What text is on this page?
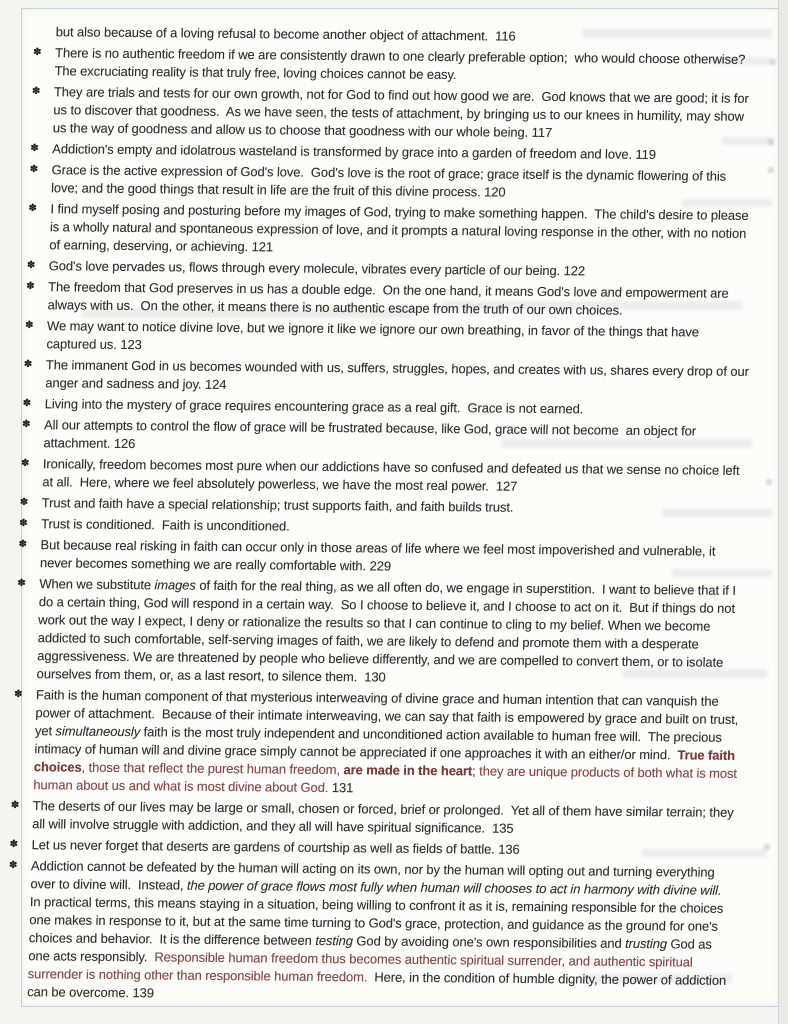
but also because of a loving refusal to become another object of attachment.  116
✽	There is no authentic freedom if we are consistently drawn to one clearly preferable option;  who would choose otherwise?  The excruciating reality is that truly free, loving choices cannot be easy.
✽	They are trials and tests for our own growth, not for God to find out how good we are.  God knows that we are good; it is for us to discover that goodness.  As we have seen, the tests of attachment, by bringing us to our knees in humility, may show us the way of goodness and allow us to choose that goodness with our whole being. 117
✽	Addiction's empty and idolatrous wasteland is transformed by grace into a garden of freedom and love. 119
✽	Grace is the active expression of God's love.  God's love is the root of grace; grace itself is the dynamic flowering of this love; and the good things that result in life are the fruit of this divine process. 120
✽	I find myself posing and posturing before my images of God, trying to make something happen.  The child's desire to please is a wholly natural and spontaneous expression of love, and it prompts a natural loving response in the other, with no notion of earning, deserving, or achieving. 121
✽	God's love pervades us, flows through every molecule, vibrates every particle of our being. 122
✽	The freedom that God preserves in us has a double edge.  On the one hand, it means God's love and empowerment are always with us.  On the other, it means there is no authentic escape from the truth of our own choices.
✽	We may want to notice divine love, but we ignore it like we ignore our own breathing, in favor of the things that have captured us. 123
✽	The immanent God in us becomes wounded with us, suffers, struggles, hopes, and creates with us, shares every drop of our anger and sadness and joy. 124
✽	Living into the mystery of grace requires encountering grace as a real gift.  Grace is not earned.
✽	All our attempts to control the flow of grace will be frustrated because, like God, grace will not become  an object for attachment. 126
✽	Ironically, freedom becomes most pure when our addictions have so confused and defeated us that we sense no choice left at all.  Here, where we feel absolutely powerless, we have the most real power.  127
✽	Trust and faith have a special relationship; trust supports faith, and faith builds trust.
✽	Trust is conditioned.  Faith is unconditioned.
✽	But because real risking in faith can occur only in those areas of life where we feel most impoverished and vulnerable, it never becomes something we are really comfortable with. 229
✽	When we substitute images of faith for the real thing, as we all often do, we engage in superstition.  I want to believe that if I do a certain thing, God will respond in a certain way.  So I choose to believe it, and I choose to act on it.  But if things do not work out the way I expect, I deny or rationalize the results so that I can continue to cling to my belief. When we become addicted to such comfortable, self-serving images of faith, we are likely to defend and promote them with a desperate aggressiveness. We are threatened by people who believe differently, and we are compelled to convert them, or to isolate ourselves from them, or, as a last resort, to silence them.  130
✽	Faith is the human component of that mysterious interweaving of divine grace and human intention that can vanquish the power of attachment.  Because of their intimate interweaving, we can say that faith is empowered by grace and built on trust, yet simultaneously faith is the most truly independent and unconditioned action available to human free will.  The precious intimacy of human will and divine grace simply cannot be appreciated if one approaches it with an either/or mind.  True faith choices, those that reflect the purest human freedom, are made in the heart; they are unique products of both what is most human about us and what is most divine about God. 131
✽	The deserts of our lives may be large or small, chosen or forced, brief or prolonged.  Yet all of them have similar terrain; they all will involve struggle with addiction, and they all will have spiritual significance.  135
✽	Let us never forget that deserts are gardens of courtship as well as fields of battle. 136
✽	Addiction cannot be defeated by the human will acting on its own, nor by the human will opting out and turning everything over to divine will.  Instead, the power of grace flows most fully when human will chooses to act in harmony with divine will.  In practical terms, this means staying in a situation, being willing to confront it as it is, remaining responsible for the choices one makes in response to it, but at the same time turning to God's grace, protection, and guidance as the ground for one's choices and behavior.  It is the difference between testing God by avoiding one's own responsibilities and trusting God as one acts responsibly.  Responsible human freedom thus becomes authentic spiritual surrender, and authentic spiritual surrender is nothing other than responsible human freedom.  Here, in the condition of humble dignity, the power of addiction can be overcome. 139
